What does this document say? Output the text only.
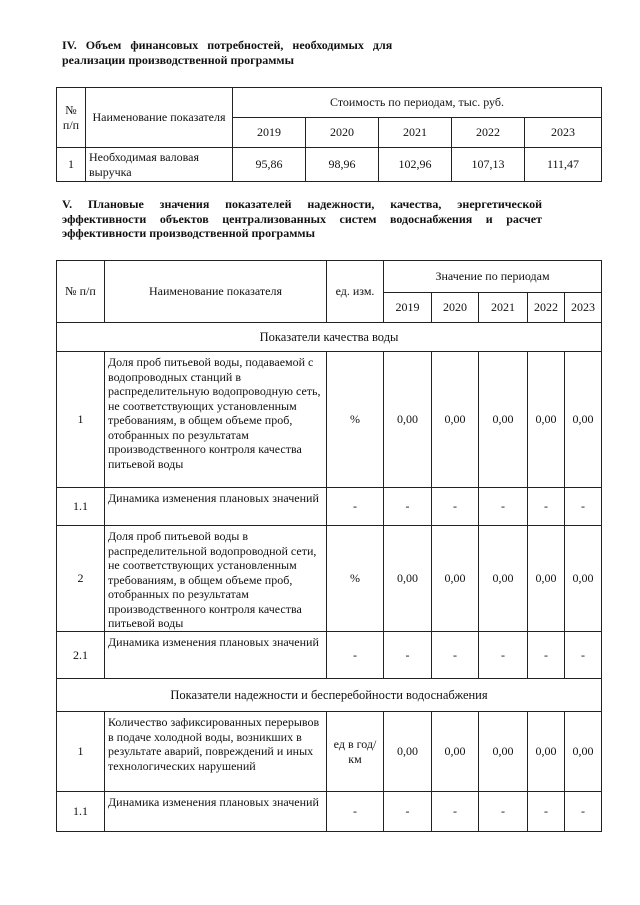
IV.   Объем   финансовых   потребностей,   необходимых   для
реализации производственной программы
№ п/п	Наименование показателя	Стоимость по периодам, тыс. руб.				
		2019	2020	2021	2022	2023
1	Необходимая валовая выручка	95,86	98,96	102,96	107,13	111,47
V. Плановые значения показателей надежности, качества, энергетической эффективности объектов централизованных систем водоснабжения и расчет эффективности производственной программы
№ п/п	Наименование показателя	ед. изм.	Значение по периодам				
			2019	2020	2021	2022	2023
Показатели качества воды							
1	Доля проб питьевой воды, подаваемой с водопроводных станций в распределительную водопроводную сеть, не соответствующих установленным требованиям, в общем объеме проб, отобранных по результатам производственного контроля качества питьевой воды	%	0,00	0,00	0,00	0,00	0,00
1.1	Динамика изменения плановых значений	-	-	-	-	-	-
2	Доля проб питьевой воды в распределительной водопроводной сети, не соответствующих установленным требованиям, в общем объеме проб, отобранных по результатам производственного контроля качества питьевой воды	%	0,00	0,00	0,00	0,00	0,00
2.1	Динамика изменения плановых значений	-	-	-	-	-	-
Показатели надежности и бесперебойности водоснабжения							
1	Количество зафиксированных перерывов в подаче холодной воды, возникших в результате аварий, повреждений и иных технологических нарушений	ед в год/ км	0,00	0,00	0,00	0,00	0,00
1.1	Динамика изменения плановых значений	-	-	-	-	-	-
